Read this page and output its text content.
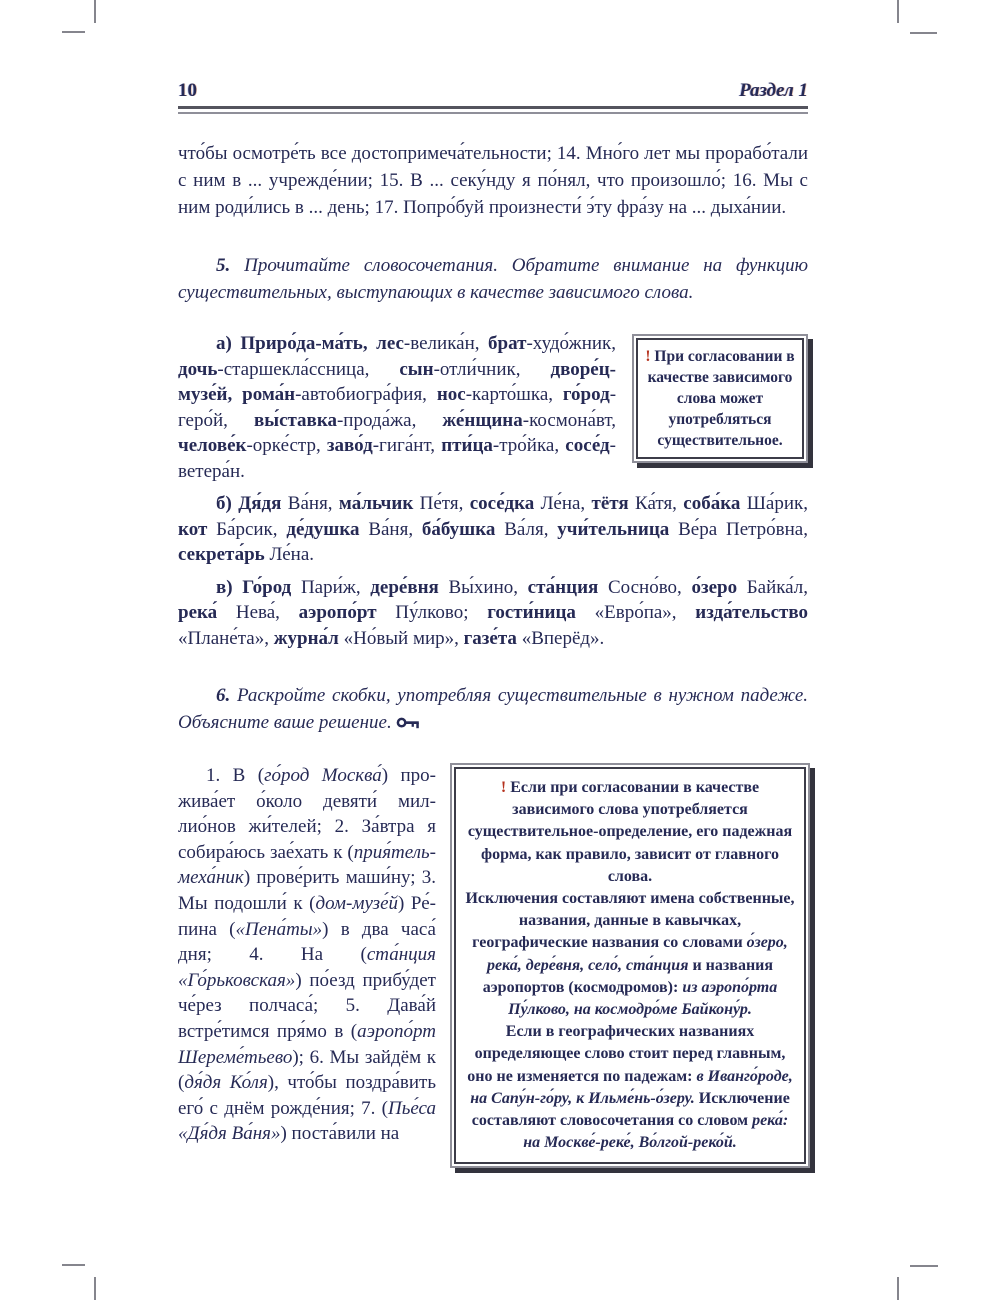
10	Раздел 1

что́бы осмотре́ть все достопримеча́тельности; 14. Мно́го лет мы прорабо́тали с ним в ... учрежде́нии; 15. В ... секу́нду я по́нял, что произошло́; 16. Мы с ним роди́лись в ... день; 17. Попро́буй произнести́ э́ту фра́зу на ... дыха́нии.

5. Прочитайте словосочетания. Обратите внимание на функцию существительных, выступающих в качестве зависимого слова.

! При согласовании в качестве зависимого слова может употребляться существительное.

а) Приро́да-ма́ть, лес-велика́н, брат-худо́жник, дочь-старшекла́ссница, сын-отли́чник, дворе́ц-музе́й, рома́н-автобиогра́фия, нос-карто́шка, го́род-геро́й, вы́ставка-прода́жа, же́нщина-космона́вт, челове́к-орке́стр, заво́д-гига́нт, пти́ца-тро́йка, сосе́д-ветера́н.

б) Дя́дя Ва́ня, ма́льчик Пе́тя, сосе́дка Ле́на, тётя Ка́тя, соба́ка Ша́рик, кот Ба́рсик, де́душка Ва́ня, ба́бушка Ва́ля, учи́тельница Ве́ра Петро́вна, секрета́рь Ле́на.

в) Го́род Пари́ж, дере́вня Вы́хино, ста́нция Сосно́во, о́зеро Байка́л, река́ Нева́, аэропо́рт Пу́лково; гости́ница «Евро́па», изда́тельство «Плане́та», журна́л «Но́вый мир», газе́та «Вперёд».

6. Раскройте скобки, употребляя существительные в нужном падеже. Объясните ваше решение.

1. В (го́род Москва́) прожива́ет о́коло девяти́ миллио́нов жи́телей; 2. За́втра я собира́юсь зае́хать к (прия́тель-меха́ник) прове́рить маши́ну; 3. Мы подошли́ к (дом-музе́й) Ре́пина («Пена́ты») в два часа́ дня; 4. На (ста́нция «Го́рьковская») по́езд прибу́дет че́рез полчаса́; 5. Дава́й встре́тимся пря́мо в (аэропо́рт Шереме́тьево); 6. Мы зайдём к (дя́дя Ко́ля), что́бы поздра́вить его́ с днём рожде́ния; 7. (Пье́са «Дя́дя Ва́ня») поста́вили на

! Если при согласовании в качестве зависимого слова употребляется существительное-определение, его падежная форма, как правило, зависит от главного слова.

Исключения составляют имена собственные, названия, данные в кавычках, географические названия со словами о́зеро, река́, дере́вня, село́, ста́нция и названия аэропортов (космодромов): из аэропо́рта Пу́лково, на космодро́ме Байкону́р.

Если в географических названиях определяющее слово стоит перед главным, оно не изменяется по падежам: в Иванго́роде, на Сапу́н-го́ру, к Ильме́нь-о́зеру. Исключение составляют словосочетания со словом река́: на Москве́-реке́, Во́лгой-реко́й.
